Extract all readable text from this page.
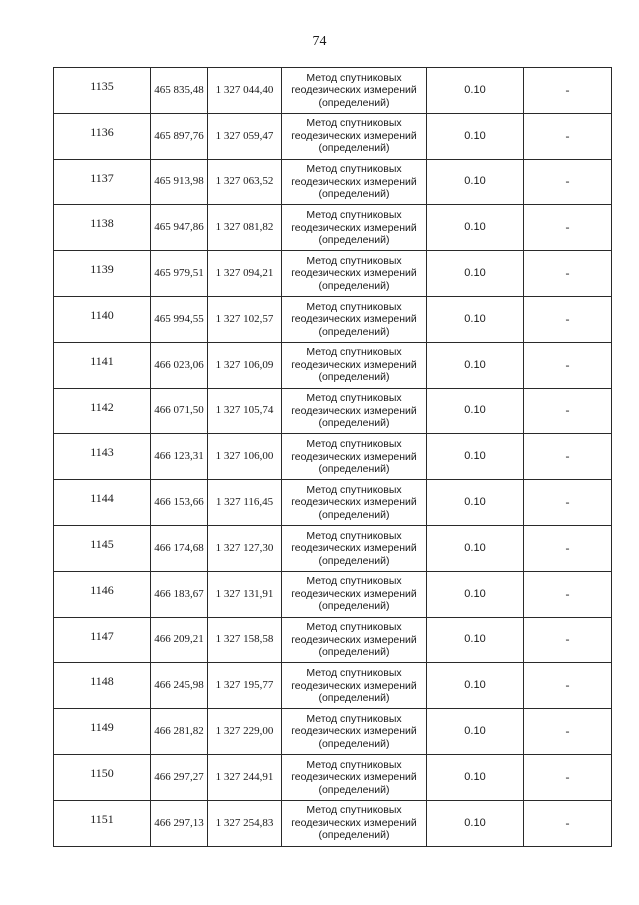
74
1135	465 835,48	1 327 044,40	Метод спутниковых геодезических измерений (определений)	0.10	-
1136	465 897,76	1 327 059,47	Метод спутниковых геодезических измерений (определений)	0.10	-
1137	465 913,98	1 327 063,52	Метод спутниковых геодезических измерений (определений)	0.10	-
1138	465 947,86	1 327 081,82	Метод спутниковых геодезических измерений (определений)	0.10	-
1139	465 979,51	1 327 094,21	Метод спутниковых геодезических измерений (определений)	0.10	-
1140	465 994,55	1 327 102,57	Метод спутниковых геодезических измерений (определений)	0.10	-
1141	466 023,06	1 327 106,09	Метод спутниковых геодезических измерений (определений)	0.10	-
1142	466 071,50	1 327 105,74	Метод спутниковых геодезических измерений (определений)	0.10	-
1143	466 123,31	1 327 106,00	Метод спутниковых геодезических измерений (определений)	0.10	-
1144	466 153,66	1 327 116,45	Метод спутниковых геодезических измерений (определений)	0.10	-
1145	466 174,68	1 327 127,30	Метод спутниковых геодезических измерений (определений)	0.10	-
1146	466 183,67	1 327 131,91	Метод спутниковых геодезических измерений (определений)	0.10	-
1147	466 209,21	1 327 158,58	Метод спутниковых геодезических измерений (определений)	0.10	-
1148	466 245,98	1 327 195,77	Метод спутниковых геодезических измерений (определений)	0.10	-
1149	466 281,82	1 327 229,00	Метод спутниковых геодезических измерений (определений)	0.10	-
1150	466 297,27	1 327 244,91	Метод спутниковых геодезических измерений (определений)	0.10	-
1151	466 297,13	1 327 254,83	Метод спутниковых геодезических измерений (определений)	0.10	-
